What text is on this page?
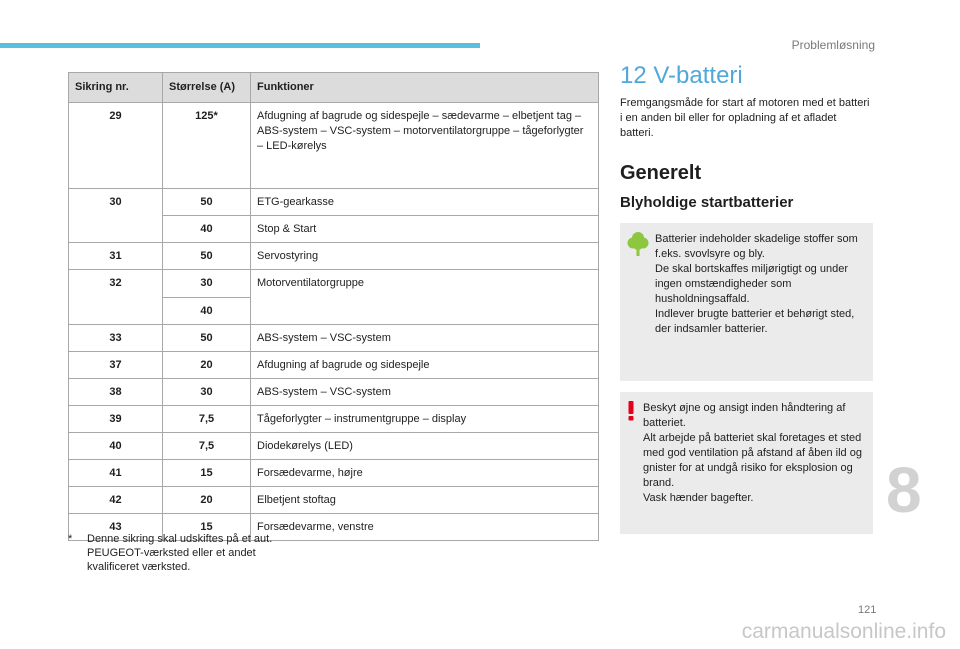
Problemløsning
Sikring nr.	Størrelse (A)	Funktioner
29	125*	Afdugning af bagrude og sidespejle – sædevarme – elbetjent tag – ABS-system – VSC-system – motorventilatorgruppe – tågeforlygter – LED-kørelys
30	50	ETG-gearkasse
	40	Stop & Start
31	50	Servostyring
32	30	Motorventilatorgruppe
	40	
33	50	ABS-system – VSC-system
37	20	Afdugning af bagrude og sidespejle
38	30	ABS-system – VSC-system
39	7,5	Tågeforlygter – instrumentgruppe – display
40	7,5	Diodekørelys (LED)
41	15	Forsædevarme, højre
42	20	Elbetjent stoftag
43	15	Forsædevarme, venstre
* Denne sikring skal udskiftes på et aut. PEUGEOT-værksted eller et andet kvalificeret værksted.
12 V-batteri

Fremgangsmåde for start af motoren med et batteri i en anden bil eller for opladning af et afladet batteri.

Generelt
Blyholdige startbatterier
Batterier indeholder skadelige stoffer som f.eks. svovlsyre og bly.
De skal bortskaffes miljørigtigt og under ingen omstændigheder som husholdningsaffald.
Indlever brugte batterier et behørigt sted, der indsamler batterier.
Beskyt øjne og ansigt inden håndtering af batteriet.
Alt arbejde på batteriet skal foretages et sted med god ventilation på afstand af åben ild og gnister for at undgå risiko for eksplosion og brand.
Vask hænder bagefter.	8
121
carmanualsonline.info
